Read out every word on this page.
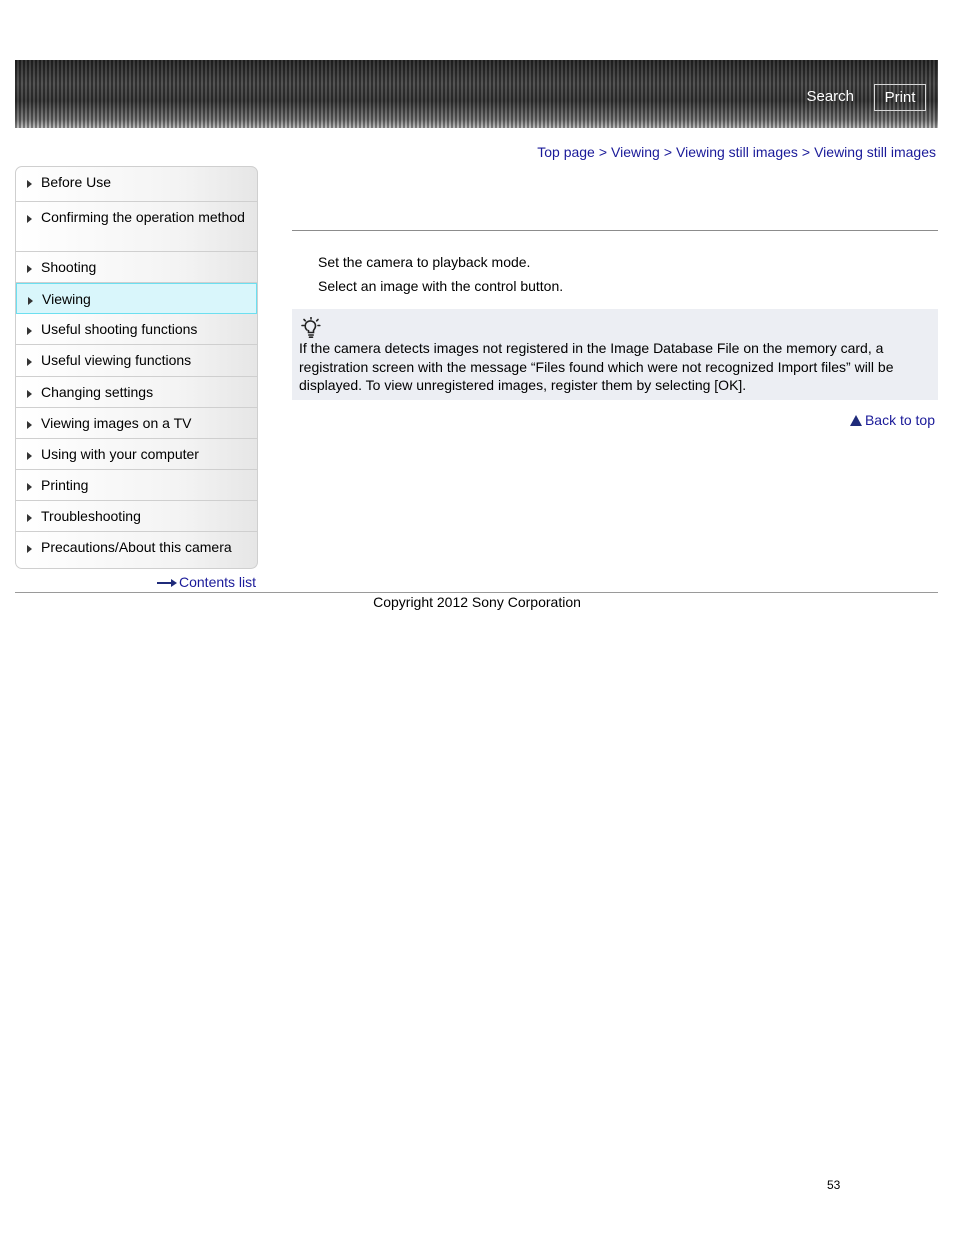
Search	Print
Top page > Viewing > Viewing still images > Viewing still images
Before Use
Confirming the operation method
Shooting
Viewing
Useful shooting functions
Useful viewing functions
Changing settings
Viewing images on a TV
Using with your computer
Printing
Troubleshooting
Precautions/About this camera
Contents list
Set the camera to playback mode.
Select an image with the control button.
If the camera detects images not registered in the Image Database File on the memory card, a registration screen with the message “Files found which were not recognized Import files” will be displayed. To view unregistered images, register them by selecting [OK].
Back to top
Copyright 2012 Sony Corporation
53
